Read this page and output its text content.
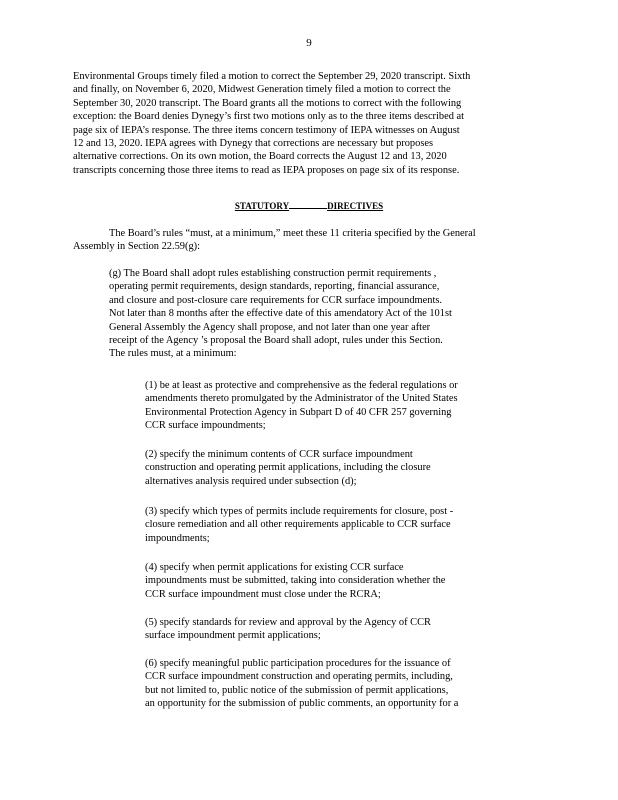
9
Environmental Groups timely filed a motion to correct the September 29, 2020 transcript. Sixth
and finally, on November 6, 2020, Midwest Generation timely filed a motion to correct the
September 30, 2020 transcript. The Board grants all the motions to correct with the following
exception: the Board denies Dynegy’s first two motions only as to the three items described at
page six of IEPA’s response. The three items concern testimony of IEPA witnesses on August
12 and 13, 2020. IEPA agrees with Dynegy that corrections are necessary but proposes
alternative corrections. On its own motion, the Board corrects the August 12 and 13, 2020
transcripts concerning those three items to read as IEPA proposes on page six of its response.
STATUTORY	DIRECTIVES
The Board’s rules “must, at a minimum,” meet these 11 criteria specified by the General
Assembly in Section 22.59(g):
(g) The Board shall adopt rules establishing construction permit requirements ,
operating permit requirements, design standards, reporting, financial assurance,
and closure and post-closure care requirements for CCR surface impoundments.
Not later than 8 months after the effective date of this amendatory Act of the 101st
General Assembly the Agency shall propose, and not later than one year after
receipt of the Agency ’s proposal the Board shall adopt, rules under this Section.
The rules must, at a minimum:
(1) be at least as protective and comprehensive as the federal regulations or
amendments thereto promulgated by the Administrator of the United States
Environmental Protection Agency in Subpart D of 40 CFR 257 governing
CCR surface impoundments;
(2) specify the minimum contents of CCR surface impoundment
construction and operating permit applications, including the closure
alternatives analysis required under subsection (d);
(3) specify which types of permits include requirements for closure, post -
closure remediation and all other requirements applicable to CCR surface
impoundments;
(4) specify when permit applications for existing CCR surface
impoundments must be submitted, taking into consideration whether the
CCR surface impoundment must close under the RCRA;
(5) specify standards for review and approval by the Agency of CCR
surface impoundment permit applications;
(6) specify meaningful public participation procedures for the issuance of
CCR surface impoundment construction and operating permits, including,
but not limited to, public notice of the submission of permit applications,
an opportunity for the submission of public comments, an opportunity for a
